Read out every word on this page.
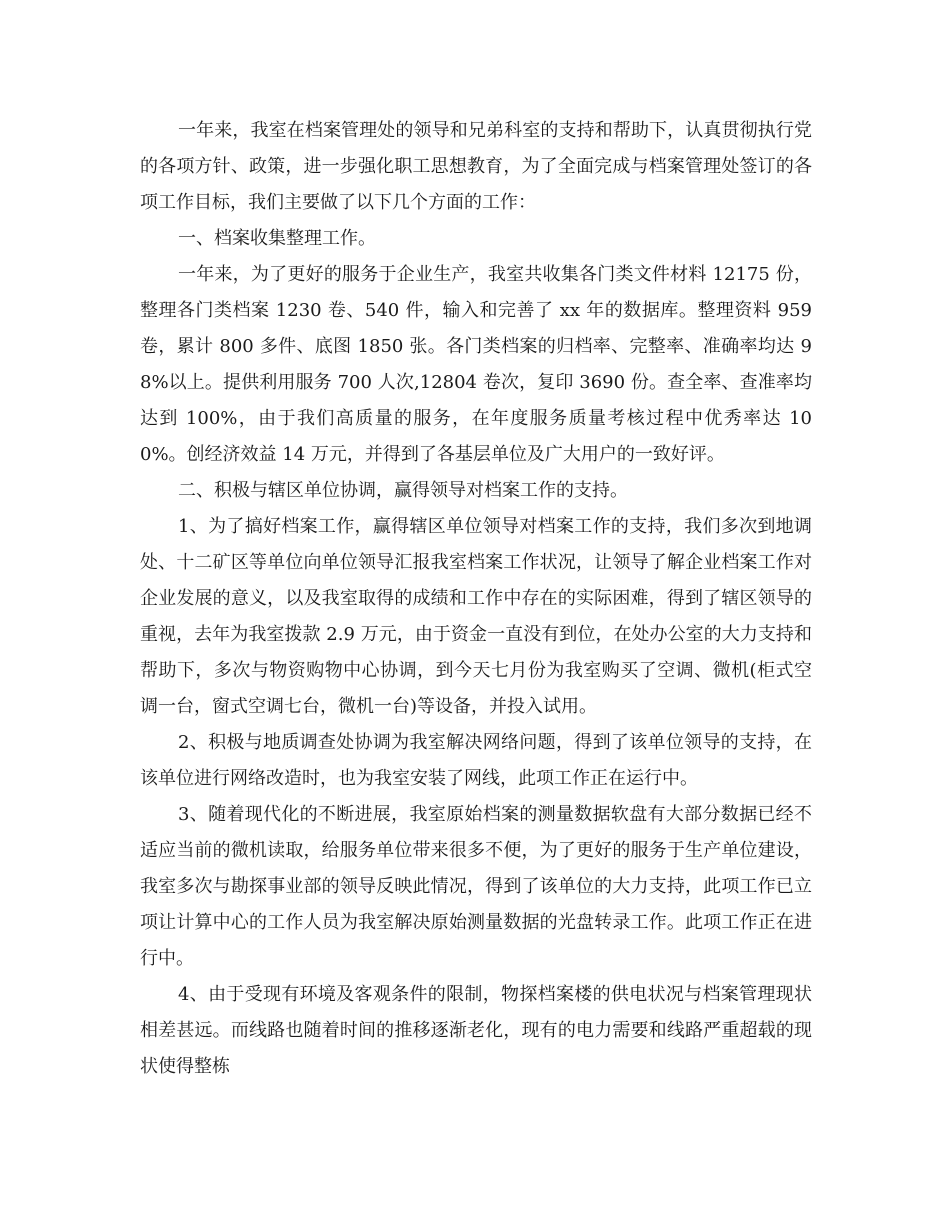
一年来，我室在档案管理处的领导和兄弟科室的支持和帮助下，认真贯彻执行党的各项方针、政策，进一步强化职工思想教育，为了全面完成与档案管理处签订的各项工作目标，我们主要做了以下几个方面的工作：

一、档案收集整理工作。

一年来，为了更好的服务于企业生产，我室共收集各门类文件材料 12175 份，整理各门类档案 1230 卷、540 件，输入和完善了 xx 年的数据库。整理资料 959 卷，累计 800 多件、底图 1850 张。各门类档案的归档率、完整率、准确率均达 98%以上。提供利用服务 700 人次,12804 卷次，复印 3690 份。查全率、查准率均达到 100%，由于我们高质量的服务，在年度服务质量考核过程中优秀率达 100%。创经济效益 14 万元，并得到了各基层单位及广大用户的一致好评。

二、积极与辖区单位协调，赢得领导对档案工作的支持。

1、为了搞好档案工作，赢得辖区单位领导对档案工作的支持，我们多次到地调处、十二矿区等单位向单位领导汇报我室档案工作状况，让领导了解企业档案工作对企业发展的意义，以及我室取得的成绩和工作中存在的实际困难，得到了辖区领导的重视，去年为我室拨款 2.9 万元，由于资金一直没有到位，在处办公室的大力支持和帮助下，多次与物资购物中心协调，到今天七月份为我室购买了空调、微机(柜式空调一台，窗式空调七台，微机一台)等设备，并投入试用。

2、积极与地质调查处协调为我室解决网络问题，得到了该单位领导的支持，在该单位进行网络改造时，也为我室安装了网线，此项工作正在运行中。

3、随着现代化的不断进展，我室原始档案的测量数据软盘有大部分数据已经不适应当前的微机读取，给服务单位带来很多不便，为了更好的服务于生产单位建设，我室多次与勘探事业部的领导反映此情况，得到了该单位的大力支持，此项工作已立项让计算中心的工作人员为我室解决原始测量数据的光盘转录工作。此项工作正在进行中。

4、由于受现有环境及客观条件的限制，物探档案楼的供电状况与档案管理现状相差甚远。而线路也随着时间的推移逐渐老化，现有的电力需要和线路严重超载的现状使得整栋
